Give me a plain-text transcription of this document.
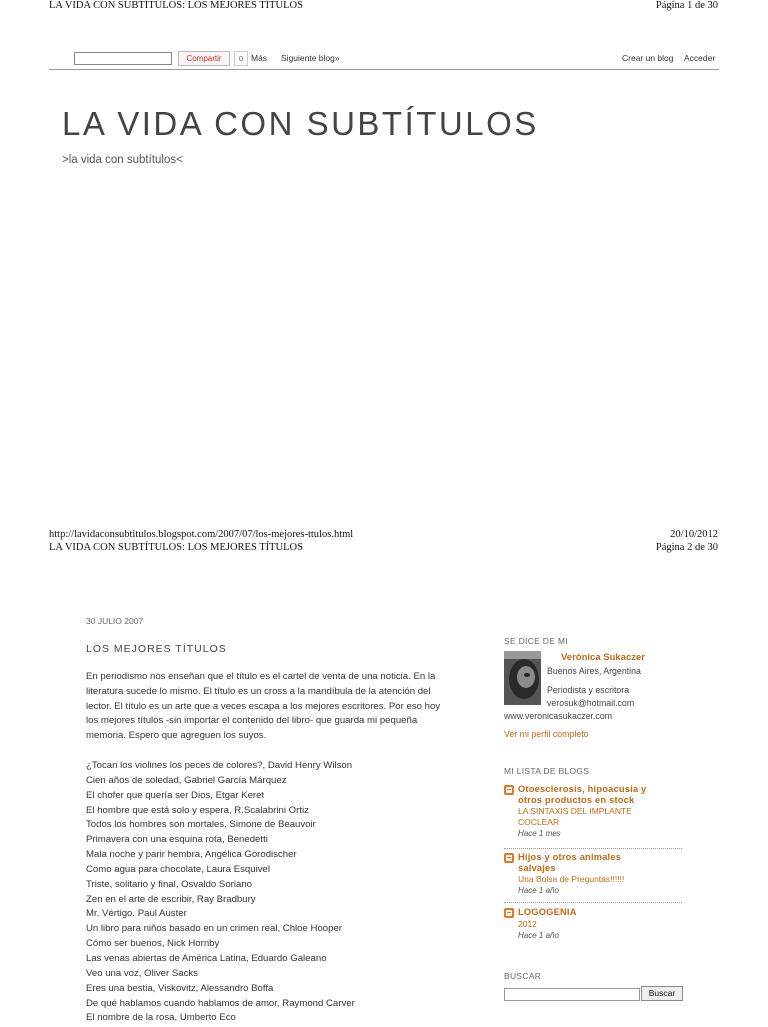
LA VIDA CON SUBTÍTULOS: LOS MEJORES TÍTULOS	Página 1 de 30
Compartir	0 Más Siguiente blog»	Crear un blog Acceder
LA VIDA CON SUBTÍTULOS
>la vida con subtítulos<
http://lavidaconsubtitulos.blogspot.com/2007/07/los-mejores-ttulos.html	20/10/2012
LA VIDA CON SUBTÍTULOS: LOS MEJORES TÍTULOS	Página 2 de 30
30 JULIO 2007
LOS MEJORES TÍTULOS
En periodismo nos enseñan que el título es el cartel de venta de una noticia. En la
literatura sucede lo mismo. El título es un cross a la mandíbula de la atención del
lector. El título es un arte que a veces escapa a los mejores escritores. Por eso hoy
los mejores títulos -sin importar el contenido del libro- que guarda mi pequeña
memoria. Espero que agreguen los suyos.
¿Tocan los violines los peces de colores?, David Henry Wilson
Cien años de soledad, Gabriel García Márquez
El chofer que quería ser Dios, Etgar Keret
El hombre que está solo y espera, R.Scalabrini Ortiz
Todos los hombres son mortales, Simone de Beauvoir
Primavera con una esquina rota, Benedetti
Mala noche y parir hembra, Angélica Gorodischer
Como agua para chocolate, Laura Esquivel
Triste, solitario y final, Osvaldo Soriano
Zen en el arte de escribir, Ray Bradbury
Mr. Vértigo. Paul Auster
Un libro para niños basado en un crimen real, Chloe Hooper
Cómo ser buenos, Nick Hornby
Las venas abiertas de América Latina, Eduardo Galeano
Veo una voz, Oliver Sacks
Eres una bestia, Viskovitz, Alessandro Boffa
De qué hablamos cuando hablamos de amor, Raymond Carver
El nombre de la rosa, Umberto Eco
SE DICE DE MI
Verónica Sukaczer
Buenos Aires, Argentina
Periodista y escritora
verosuk@hotmail.com
www.veronicasukaczer.com
Ver mi perfil completo
MI LISTA DE BLOGS
Otoesclerosis, hipoacusia y
otros productos en stock
LA SINTAXIS DEL IMPLANTE
COCLEAR
Hace 1 mes
Hijos y otros animales
salvajes
Una Bolsa de Preguntas!!!!!!
Hace 1 año
LOGOGENIA
2012
Hace 1 año
BUSCAR
Buscar
